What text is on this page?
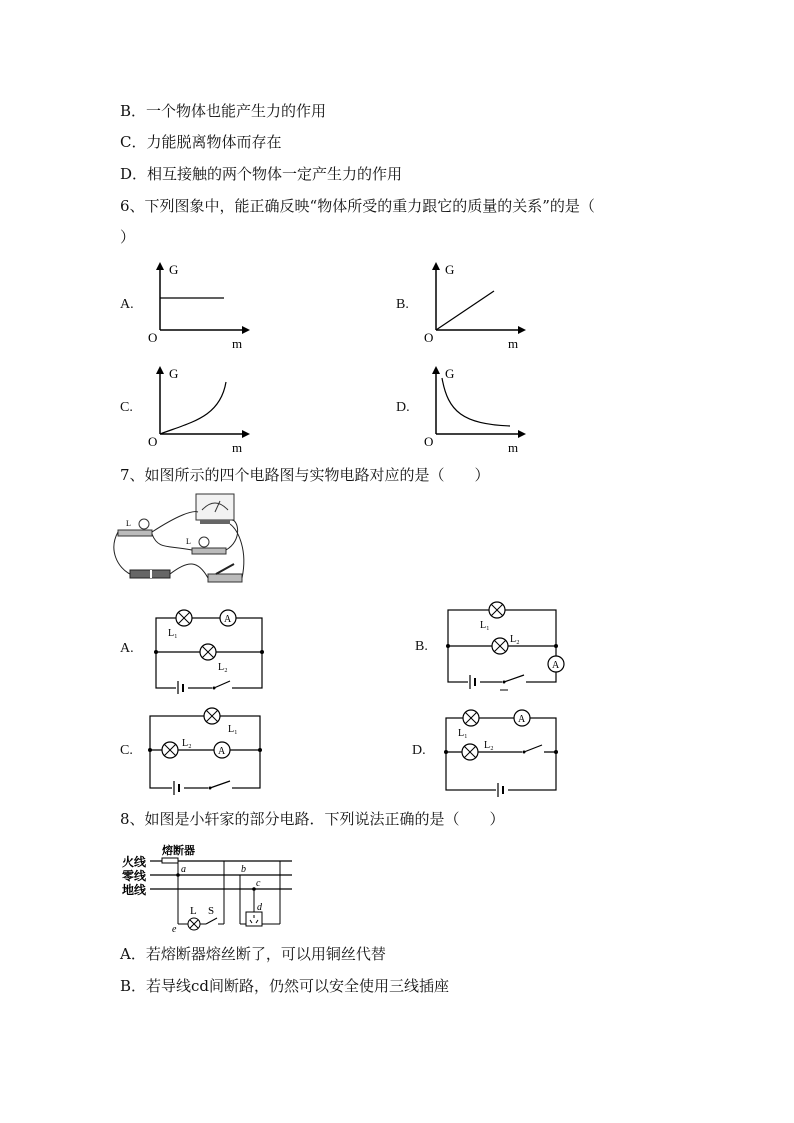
B．一个物体也能产生力的作用
C．力能脱离物体而存在
D．相互接触的两个物体一定产生力的作用
6、下列图象中，能正确反映“物体所受的重力跟它的质量的关系”的是（
）
A.	B.
C.	D.
G
O	m
G
O	m
G
O	m
G
O	m
7、如图所示的四个电路图与实物电路对应的是（　　）
L
L
A.	B.
C.	D.
A
L₁
L₂
L₁
L₂
A
L₁
L₂
A
A
L₁
L₂
8、如图是小轩家的部分电路．下列说法正确的是（　　）
熔断器
火线
零线
地线
a
L S
e
b
c
d
A．若熔断器熔丝断了，可以用铜丝代替
B．若导线cd间断路，仍然可以安全使用三线插座
